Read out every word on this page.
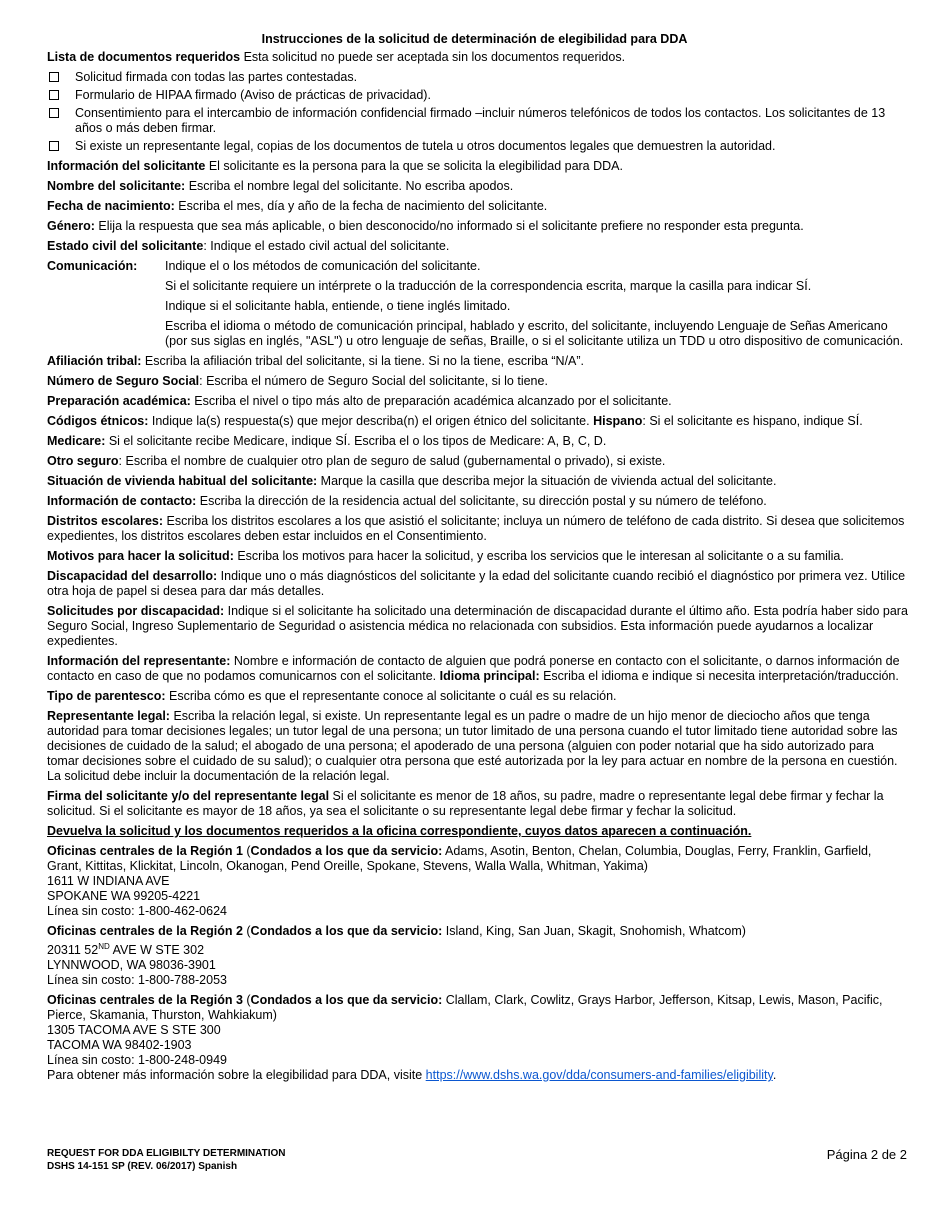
Instrucciones de la solicitud de determinación de elegibilidad para DDA
Lista de documentos requeridos Esta solicitud no puede ser aceptada sin los documentos requeridos.
Solicitud firmada con todas las partes contestadas.
Formulario de HIPAA firmado (Aviso de prácticas de privacidad).
Consentimiento para el intercambio de información confidencial firmado –incluir números telefónicos de todos los contactos. Los solicitantes de 13 años o más deben firmar.
Si existe un representante legal, copias de los documentos de tutela u otros documentos legales que demuestren la autoridad.
Información del solicitante El solicitante es la persona para la que se solicita la elegibilidad para DDA.
Nombre del solicitante: Escriba el nombre legal del solicitante. No escriba apodos.
Fecha de nacimiento: Escriba el mes, día y año de la fecha de nacimiento del solicitante.
Género: Elija la respuesta que sea más aplicable, o bien desconocido/no informado si el solicitante prefiere no responder esta pregunta.
Estado civil del solicitante: Indique el estado civil actual del solicitante.
Comunicación:	Indique el o los métodos de comunicación del solicitante.
Si el solicitante requiere un intérprete o la traducción de la correspondencia escrita, marque la casilla para indicar SÍ.
Indique si el solicitante habla, entiende, o tiene inglés limitado.
Escriba el idioma o método de comunicación principal, hablado y escrito, del solicitante, incluyendo Lenguaje de Señas Americano (por sus siglas en inglés, "ASL") u otro lenguaje de señas, Braille, o si el solicitante utiliza un TDD u otro dispositivo de comunicación.
Afiliación tribal: Escriba la afiliación tribal del solicitante, si la tiene. Si no la tiene, escriba “N/A”.
Número de Seguro Social: Escriba el número de Seguro Social del solicitante, si lo tiene.
Preparación académica: Escriba el nivel o tipo más alto de preparación académica alcanzado por el solicitante.
Códigos étnicos: Indique la(s) respuesta(s) que mejor describa(n) el origen étnico del solicitante. Hispano: Si el solicitante es hispano, indique SÍ.
Medicare: Si el solicitante recibe Medicare, indique SÍ. Escriba el o los tipos de Medicare: A, B, C, D.
Otro seguro: Escriba el nombre de cualquier otro plan de seguro de salud (gubernamental o privado), si existe.
Situación de vivienda habitual del solicitante: Marque la casilla que describa mejor la situación de vivienda actual del solicitante.
Información de contacto: Escriba la dirección de la residencia actual del solicitante, su dirección postal y su número de teléfono.
Distritos escolares: Escriba los distritos escolares a los que asistió el solicitante; incluya un número de teléfono de cada distrito. Si desea que solicitemos expedientes, los distritos escolares deben estar incluidos en el Consentimiento.
Motivos para hacer la solicitud: Escriba los motivos para hacer la solicitud, y escriba los servicios que le interesan al solicitante o a su familia.
Discapacidad del desarrollo: Indique uno o más diagnósticos del solicitante y la edad del solicitante cuando recibió el diagnóstico por primera vez. Utilice otra hoja de papel si desea para dar más detalles.
Solicitudes por discapacidad: Indique si el solicitante ha solicitado una determinación de discapacidad durante el último año. Esta podría haber sido para Seguro Social, Ingreso Suplementario de Seguridad o asistencia médica no relacionada con subsidios. Esta información puede ayudarnos a localizar expedientes.
Información del representante: Nombre e información de contacto de alguien que podrá ponerse en contacto con el solicitante, o darnos información de contacto en caso de que no podamos comunicarnos con el solicitante. Idioma principal: Escriba el idioma e indique si necesita interpretación/traducción.
Tipo de parentesco: Escriba cómo es que el representante conoce al solicitante o cuál es su relación.
Representante legal: Escriba la relación legal, si existe. Un representante legal es un padre o madre de un hijo menor de dieciocho años que tenga autoridad para tomar decisiones legales; un tutor legal de una persona; un tutor limitado de una persona cuando el tutor limitado tiene autoridad sobre las decisiones de cuidado de la salud; el abogado de una persona; el apoderado de una persona (alguien con poder notarial que ha sido autorizado para tomar decisiones sobre el cuidado de su salud); o cualquier otra persona que esté autorizada por la ley para actuar en nombre de la persona en cuestión. La solicitud debe incluir la documentación de la relación legal.
Firma del solicitante y/o del representante legal Si el solicitante es menor de 18 años, su padre, madre o representante legal debe firmar y fechar la solicitud. Si el solicitante es mayor de 18 años, ya sea el solicitante o su representante legal debe firmar y fechar la solicitud.
Devuelva la solicitud y los documentos requeridos a la oficina correspondiente, cuyos datos aparecen a continuación.
Oficinas centrales de la Región 1 (Condados a los que da servicio: Adams, Asotin, Benton, Chelan, Columbia, Douglas, Ferry, Franklin, Garfield, Grant, Kittitas, Klickitat, Lincoln, Okanogan, Pend Oreille, Spokane, Stevens, Walla Walla, Whitman, Yakima)
1611 W INDIANA AVE
SPOKANE WA 99205-4221
Línea sin costo: 1-800-462-0624
Oficinas centrales de la Región 2 (Condados a los que da servicio: Island, King, San Juan, Skagit, Snohomish, Whatcom)
20311 52ND AVE W STE 302
LYNNWOOD, WA 98036-3901
Línea sin costo: 1-800-788-2053
Oficinas centrales de la Región 3 (Condados a los que da servicio: Clallam, Clark, Cowlitz, Grays Harbor, Jefferson, Kitsap, Lewis, Mason, Pacific, Pierce, Skamania, Thurston, Wahkiakum)
1305 TACOMA AVE S STE 300
TACOMA WA 98402-1903
Línea sin costo: 1-800-248-0949
Para obtener más información sobre la elegibilidad para DDA, visite https://www.dshs.wa.gov/dda/consumers-and-families/eligibility.
REQUEST FOR DDA ELIGIBILTY DETERMINATION
DSHS 14-151 SP (REV. 06/2017) Spanish
Página 2 de 2
